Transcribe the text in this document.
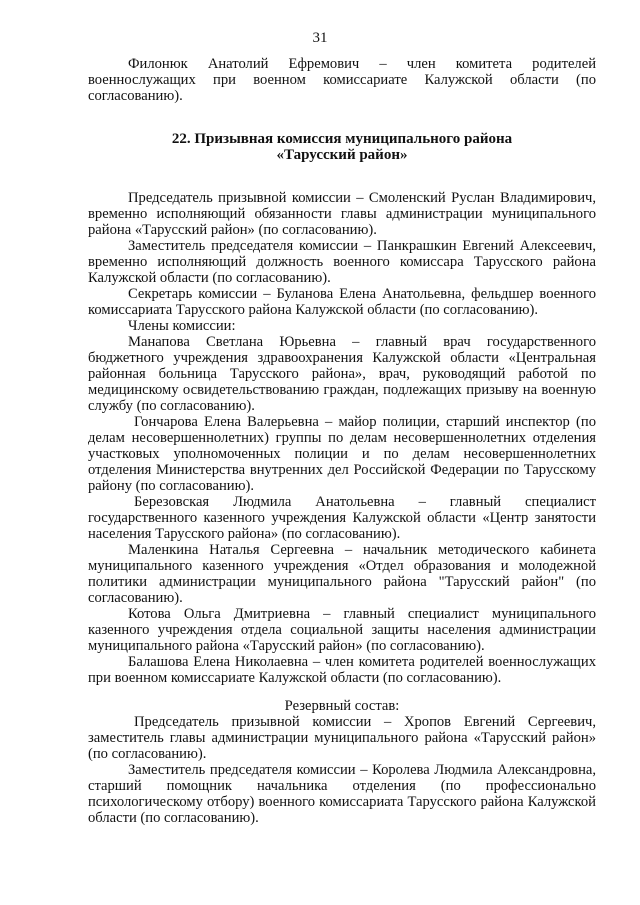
31

Филонюк Анатолий Ефремович – член комитета родителей военнослужащих при военном комиссариате Калужской области (по согласованию).

22. Призывная комиссия муниципального района

«Тарусский район»

Председатель призывной комиссии – Смоленский Руслан Владимирович, временно исполняющий обязанности главы администрации муниципального района «Тарусский район» (по согласованию).

Заместитель председателя комиссии – Панкрашкин Евгений Алексеевич, временно исполняющий должность военного комиссара Тарусского района Калужской области (по согласованию).

Секретарь комиссии – Буланова Елена Анатольевна, фельдшер военного комиссариата Тарусского района Калужской области (по согласованию).

Члены комиссии:

Манапова Светлана Юрьевна – главный врач государственного бюджетного учреждения здравоохранения Калужской области «Центральная районная больница Тарусского района», врач, руководящий работой по медицинскому освидетельствованию граждан, подлежащих призыву на военную службу (по согласованию).

Гончарова Елена Валерьевна – майор полиции, старший инспектор (по делам несовершеннолетних) группы по делам несовершеннолетних отделения участковых уполномоченных полиции и по делам несовершеннолетних отделения Министерства внутренних дел Российской Федерации по Тарусскому району (по согласованию).

Березовская Людмила Анатольевна – главный специалист государственного казенного учреждения Калужской области «Центр занятости населения Тарусского района» (по согласованию).

Маленкина Наталья Сергеевна – начальник методического кабинета муниципального казенного учреждения «Отдел образования и молодежной политики администрации муниципального района "Тарусский район" (по согласованию).

Котова Ольга Дмитриевна – главный специалист муниципального казенного учреждения отдела социальной защиты населения администрации муниципального района «Тарусский район» (по согласованию).

Балашова Елена Николаевна – член комитета родителей военнослужащих при военном комиссариате Калужской области (по согласованию).

Резервный состав:

Председатель призывной комиссии – Хропов Евгений Сергеевич, заместитель главы администрации муниципального района «Тарусский район» (по согласованию).

Заместитель председателя комиссии – Королева Людмила Александровна, старший помощник начальника отделения (по профессионально психологическому отбору) военного комиссариата Тарусского района Калужской области (по согласованию).
